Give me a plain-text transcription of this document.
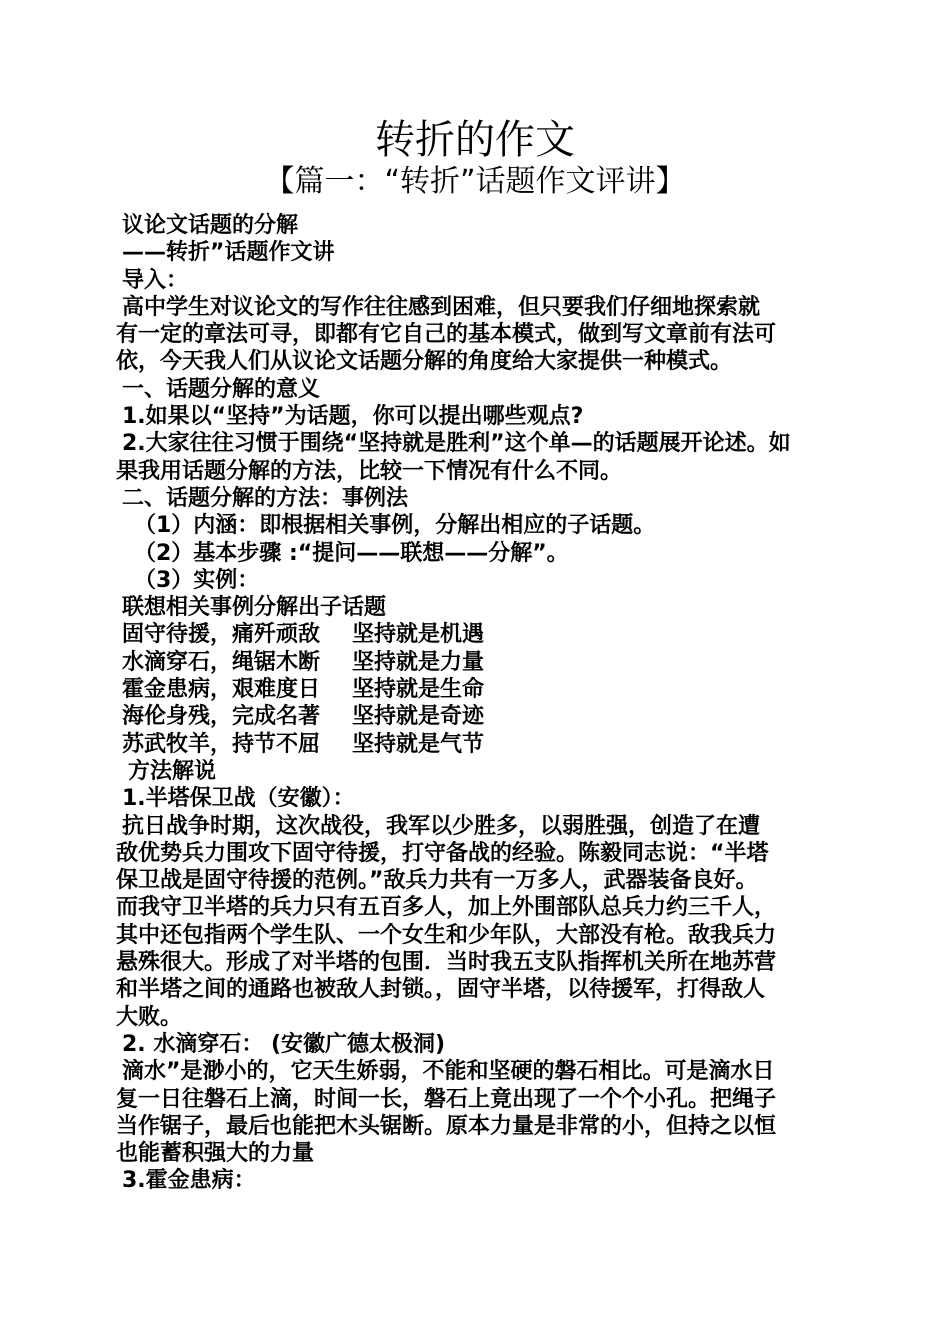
转折的作文
【篇一：“转折”话题作文评讲】

议论文话题的分解

——转折”话题作文讲

导入：

高中学生对议论文的写作往往感到困难，但只要我们仔细地探索就

有一定的章法可寻，即都有它自己的基本模式，做到写文章前有法可

依，今天我人们从议论文话题分解的角度给大家提供一种模式。

一、话题分解的意义

1.如果以“坚持”为话题，你可以提出哪些观点?

2.大家往往习惯于围绕“坚持就是胜利”这个单—的话题展开论述。如

果我用话题分解的方法，比较一下情况有什么不同。

二、话题分解的方法：事例法

（1）内涵：即根据相关事例，分解出相应的子话题。

（2）基本步骤 :“提问——联想——分解”。

（3）实例：

联想相关事例分解出子话题

固守待援，痛歼顽敌	坚持就是机遇
水滴穿石，绳锯木断	坚持就是力量
霍金患病，艰难度日	坚持就是生命
海伦身残，完成名著	坚持就是奇迹
苏武牧羊，持节不屈	坚持就是气节

方法解说

1.半塔保卫战（安徽）：

抗日战争时期，这次战役，我军以少胜多，以弱胜强，创造了在遭

敌优势兵力围攻下固守待援，打守备战的经验。陈毅同志说：“半塔

保卫战是固守待援的范例。”敌兵力共有一万多人，武器装备良好。

而我守卫半塔的兵力只有五百多人，加上外围部队总兵力约三千人，

其中还包指两个学生队、一个女生和少年队，大部没有枪。敌我兵力

悬殊很大。形成了对半塔的包围．当时我五支队指挥机关所在地苏营

和半塔之间的通路也被敌人封锁。，固守半塔，以待援军，打得敌人

大败。

2. 水滴穿石： (安徽广德太极洞)

滴水”是渺小的，它天生娇弱，不能和坚硬的磐石相比。可是滴水日

复一日往磐石上滴，时间一长，磐石上竟出现了一个个小孔。把绳子

当作锯子，最后也能把木头锯断。原本力量是非常的小，但持之以恒

也能蓄积强大的力量

3.霍金患病：
